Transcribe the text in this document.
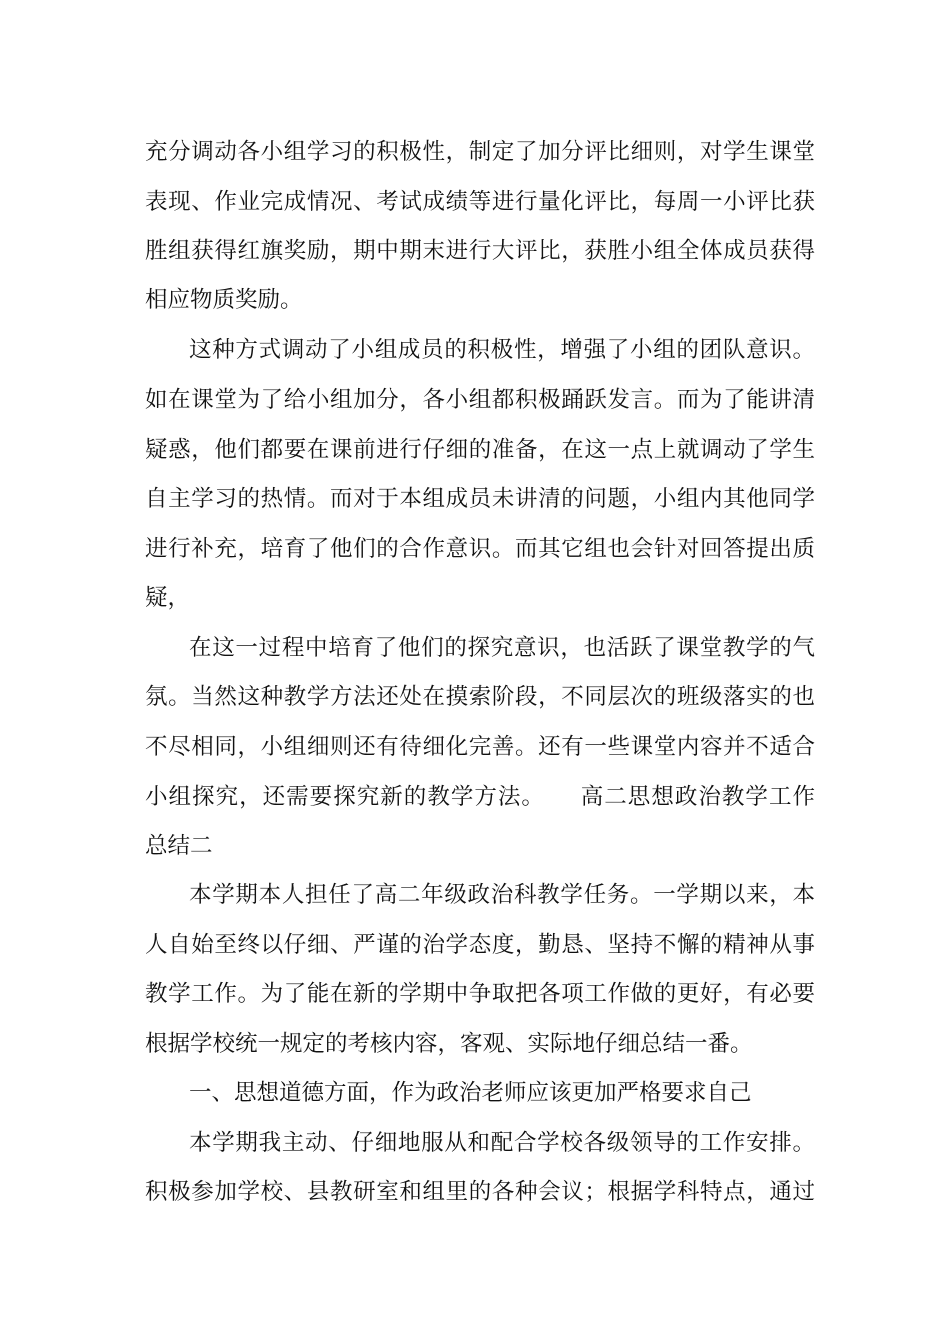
充分调动各小组学习的积极性，制定了加分评比细则，对学生课堂
表现、作业完成情况、考试成绩等进行量化评比，每周一小评比获
胜组获得红旗奖励，期中期末进行大评比，获胜小组全体成员获得
相应物质奖励。
这种方式调动了小组成员的积极性，增强了小组的团队意识。
如在课堂为了给小组加分，各小组都积极踊跃发言。而为了能讲清
疑惑，他们都要在课前进行仔细的准备，在这一点上就调动了学生
自主学习的热情。而对于本组成员未讲清的问题，小组内其他同学
进行补充，培育了他们的合作意识。而其它组也会针对回答提出质
疑，
在这一过程中培育了他们的探究意识，也活跃了课堂教学的气
氛。当然这种教学方法还处在摸索阶段，不同层次的班级落实的也
不尽相同，小组细则还有待细化完善。还有一些课堂内容并不适合
小组探究，还需要探究新的教学方法。　　高二思想政治教学工作
总结二
本学期本人担任了高二年级政治科教学任务。一学期以来，本
人自始至终以仔细、严谨的治学态度，勤恳、坚持不懈的精神从事
教学工作。为了能在新的学期中争取把各项工作做的更好，有必要
根据学校统一规定的考核内容，客观、实际地仔细总结一番。
一、思想道德方面，作为政治老师应该更加严格要求自己
本学期我主动、仔细地服从和配合学校各级领导的工作安排。
积极参加学校、县教研室和组里的各种会议；根据学科特点，通过
